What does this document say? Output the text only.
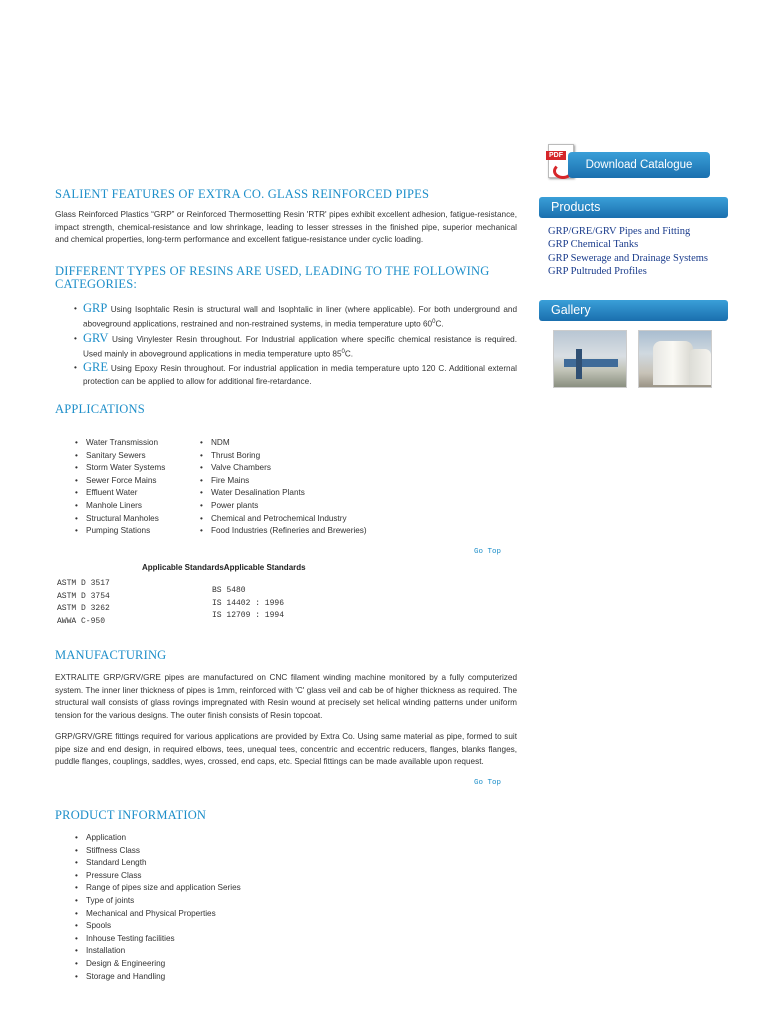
PDF
Download Catalogue
Products
GRP/GRE/GRV Pipes and Fitting
GRP Chemical Tanks
GRP Sewerage and Drainage Systems
GRP Pultruded Profiles
Gallery
SALIENT FEATURES OF EXTRA CO. GLASS REINFORCED PIPES

Glass Reinforced Plastics “GRP” or Reinforced Thermosetting Resin 'RTR' pipes exhibit excellent adhesion, fatigue-resistance, impact strength, chemical-resistance and low shrinkage, leading to lesser stresses in the finished pipe, superior mechanical and chemical properties, long-term performance and excellent fatigue-resistance under cyclic loading.

DIFFERENT TYPES OF RESINS ARE USED, LEADING TO THE FOLLOWING CATEGORIES:
• GRP Using Isophtalic Resin is structural wall and Isophtalic in liner (where applicable). For both underground and aboveground applications, restrained and non-restrained systems, in media temperature upto $60^0C$.
• GRV Using Vinylester Resin throughout. For Industrial application where specific chemical resistance is required. Used mainly in aboveground applications in media temperature upto $85^0C$.
• GRE Using Epoxy Resin throughout. For industrial application in media temperature upto 120 C. Additional external protection can be applied to allow for additional fire-retardance.
APPLICATIONS
• Water Transmission
• Sanitary Sewers
• Storm Water Systems
• Sewer Force Mains
• Effluent Water
• Manhole Liners
• Structural Manholes
• Pumping Stations
• NDM
• Thrust Boring
• Valve Chambers
• Fire Mains
• Water Desalination Plants
• Power plants
• Chemical and Petrochemical Industry
• Food Industries (Refineries and Breweries)
Go Top
Applicable StandardsApplicable Standards
ASTM D 3517
ASTM D 3754
ASTM D 3262
AWWA C-950
BS 5480
IS 14402 : 1996
IS 12709 : 1994
MANUFACTURING

EXTRALITE GRP/GRV/GRE pipes are manufactured on CNC filament winding machine monitored by a fully computerized system. The inner liner thickness of pipes is 1mm, reinforced with 'C' glass veil and cab be of higher thickness as required. The structural wall consists of glass rovings impregnated with Resin wound at precisely set helical winding patterns under uniform tension for the various designs. The outer finish consists of Resin topcoat.

GRP/GRV/GRE fittings required for various applications are provided by Extra Co. Using same material as pipe, formed to suit pipe size and end design, in required elbows, tees, unequal tees, concentric and eccentric reducers, flanges, blanks flanges, puddle flanges, couplings, saddles, wyes, crossed, end caps, etc. Special fittings can be made available upon request.

Go Top
PRODUCT INFORMATION
• Application
• Stiffness Class
• Standard Length
• Pressure Class
• Range of pipes size and application Series
• Type of joints
• Mechanical and Physical Properties
• Spools
• Inhouse Testing facilities
• Installation
• Design & Engineering
• Storage and Handling
